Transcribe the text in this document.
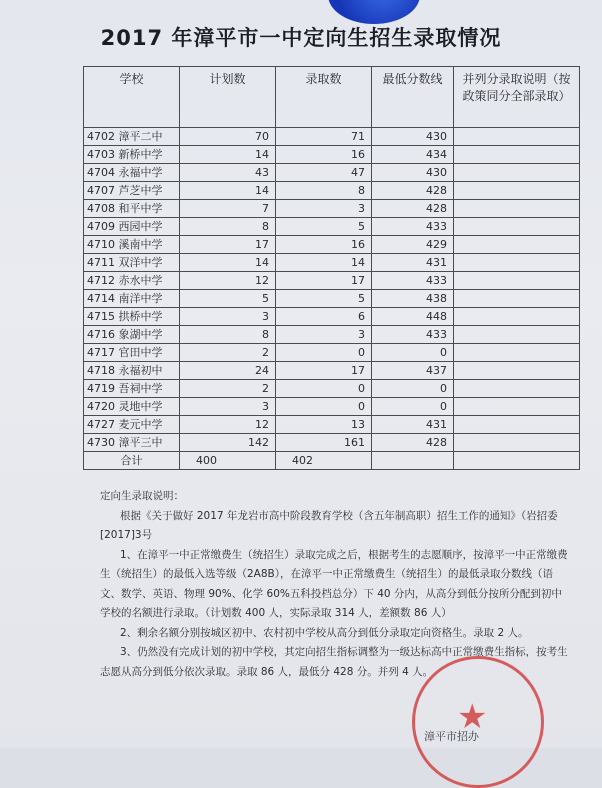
2017 年漳平市一中定向生招生录取情况
学校	计划数	录取数	最低分数线	并列分录取说明（按政策同分全部录取）
4702 漳平二中	70	71	430	
4703 新桥中学	14	16	434	
4704 永福中学	43	47	430	
4707 芦芝中学	14	8	428	
4708 和平中学	7	3	428	
4709 西园中学	8	5	433	
4710 溪南中学	17	16	429	
4711 双洋中学	14	14	431	
4712 赤水中学	12	17	433	
4714 南洋中学	5	5	438	
4715 拱桥中学	3	6	448	
4716 象湖中学	8	3	433	
4717 官田中学	2	0	0	
4718 永福初中	24	17	437	
4719 吾祠中学	2	0	0	
4720 灵地中学	3	0	0	
4727 麦元中学	12	13	431	
4730 漳平三中	142	161	428	
合计	400	402		

定向生录取说明：

根据《关于做好 2017 年龙岩市高中阶段教育学校（含五年制高职）招生工作的通知》（岩招委[2017]3号

1、在漳平一中正常缴费生（统招生）录取完成之后，根据考生的志愿顺序，按漳平一中正常缴费生（统招生）的最低入选等级（2A8B），在漳平一中正常缴费生（统招生）的最低录取分数线（语文、数学、英语、物理 90%、化学 60%五科投档总分）下 40 分内，从高分到低分按所分配到初中学校的名额进行录取。（计划数 400 人，实际录取 314 人，差额数 86 人）

2、剩余名额分别按城区初中、农村初中学校从高分到低分录取定向资格生。录取 2 人。

3、仍然没有完成计划的初中学校，其定向招生指标调整为一级达标高中正常缴费生指标，按考生志愿从高分到低分依次录取。录取 86 人，最低分 428 分。并列 4 人。

★
漳平市招办
